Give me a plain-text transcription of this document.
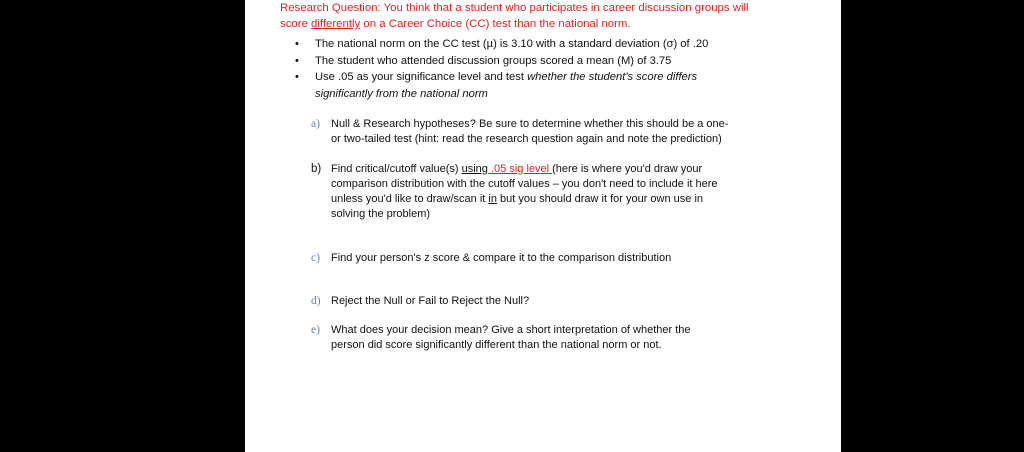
Research Question: You think that a student who participates in career discussion groups will
score differently on a Career Choice (CC) test than the national norm.
• The national norm on the CC test (µ) is 3.10 with a standard deviation (σ) of .20
• The student who attended discussion groups scored a mean (M) of 3.75
• Use .05 as your significance level and test whether the student's score differs
significantly from the national norm
a) Null & Research hypotheses? Be sure to determine whether this should be a one-
or two-tailed test (hint: read the research question again and note the prediction)
b) Find critical/cutoff value(s) using .05 sig level (here is where you'd draw your
comparison distribution with the cutoff values – you don't need to include it here
unless you'd like to draw/scan it in but you should draw it for your own use in
solving the problem)
c) Find your person's z score & compare it to the comparison distribution
d) Reject the Null or Fail to Reject the Null?
e) What does your decision mean? Give a short interpretation of whether the
person did score significantly different than the national norm or not.
